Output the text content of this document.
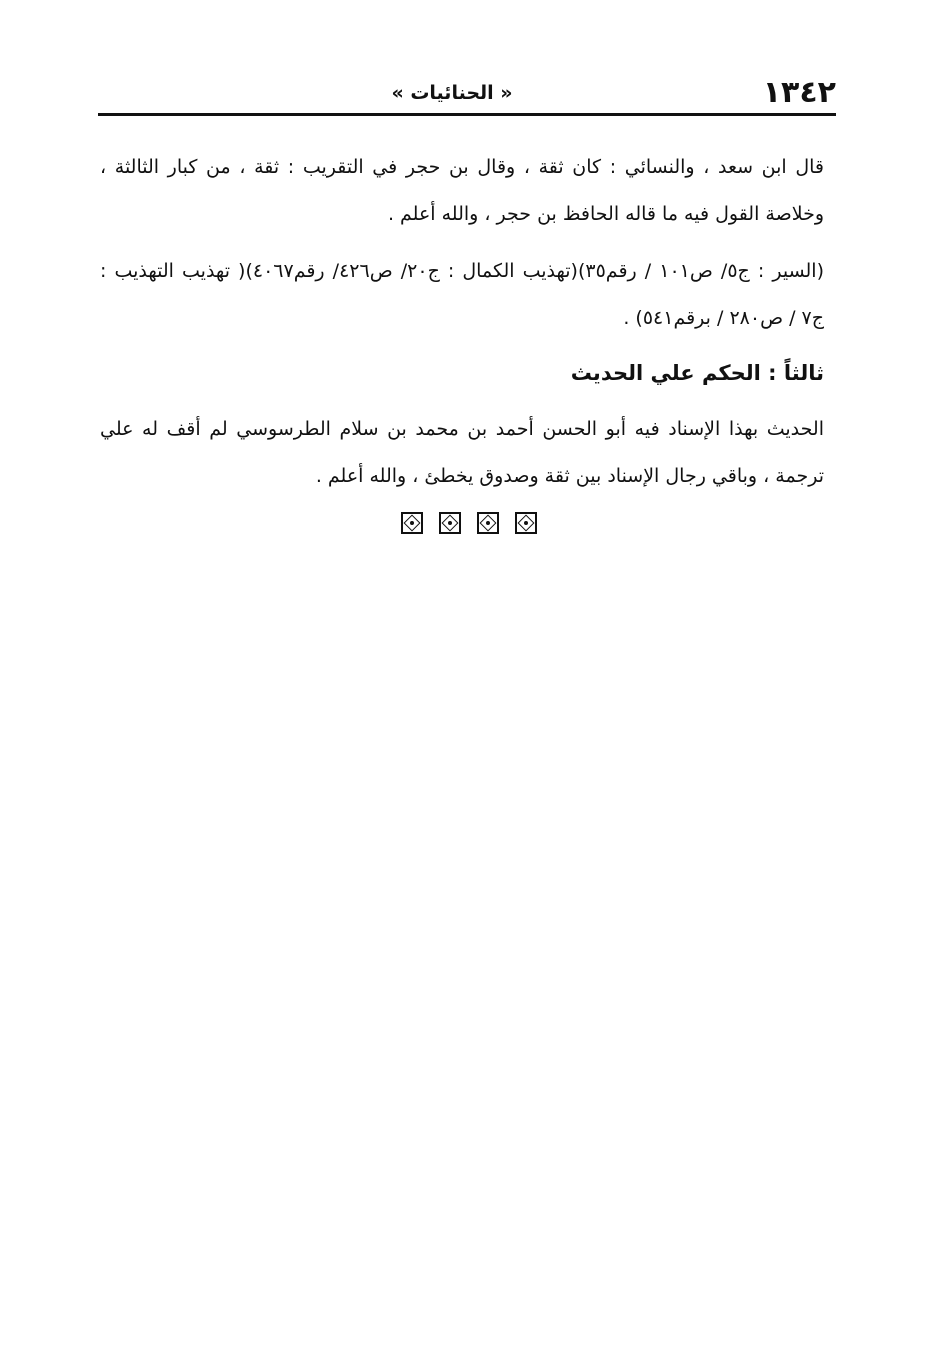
١٣٤٢
« الحنائيات »

قال ابن سعد ، والنسائي : كان ثقة ، وقال بن حجر في التقريب : ثقة ، من كبار الثالثة ، وخلاصة القول فيه ما قاله الحافظ بن حجر ، والله أعلم .

(السير : ج٥/ ص١٠١ / رقم٣٥)(تهذيب الكمال : ج٢٠/ ص٤٢٦/ رقم٤٠٦٧)( تهذيب التهذيب : ج٧ / ص٢٨٠ / برقم٥٤١) .

ثالثاً : الحكم علي الحديث

الحديث بهذا الإسناد فيه أبو الحسن أحمد بن محمد بن سلام الطرسوسي لم أقف له علي ترجمة ، وباقي رجال الإسناد بين ثقة وصدوق يخطئ ، والله أعلم .
